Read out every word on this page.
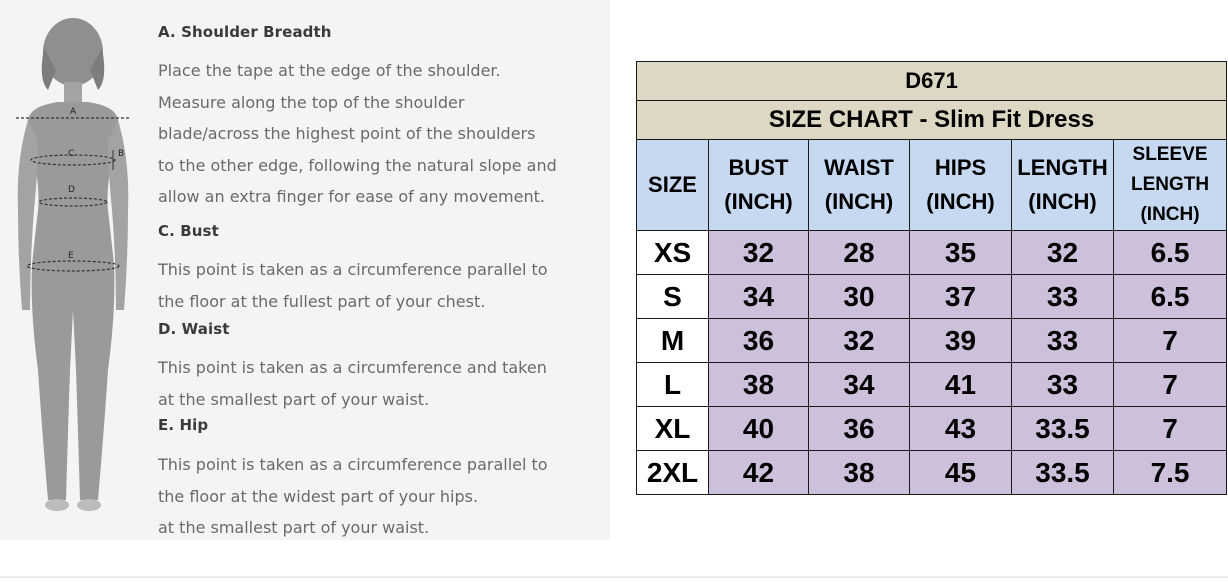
A
C	B
D
E
A. Shoulder Breadth
Place the tape at the edge of the shoulder.
Measure along the top of the shoulder
blade/across the highest point of the shoulders
to the other edge, following the natural slope and
allow an extra finger for ease of any movement.
C. Bust
This point is taken as a circumference parallel to
the floor at the fullest part of your chest.
D. Waist
This point is taken as a circumference and taken
at the smallest part of your waist.
E. Hip
This point is taken as a circumference parallel to
the floor at the widest part of your hips.
at the smallest part of your waist.
D671					
SIZE CHART - Slim Fit Dress					
SIZE	BUST (INCH)	WAIST (INCH)	HIPS (INCH)	LENGTH (INCH)	SLEEVE LENGTH (INCH)
XS	32	28	35	32	6.5
S	34	30	37	33	6.5
M	36	32	39	33	7
L	38	34	41	33	7
XL	40	36	43	33.5	7
2XL	42	38	45	33.5	7.5
